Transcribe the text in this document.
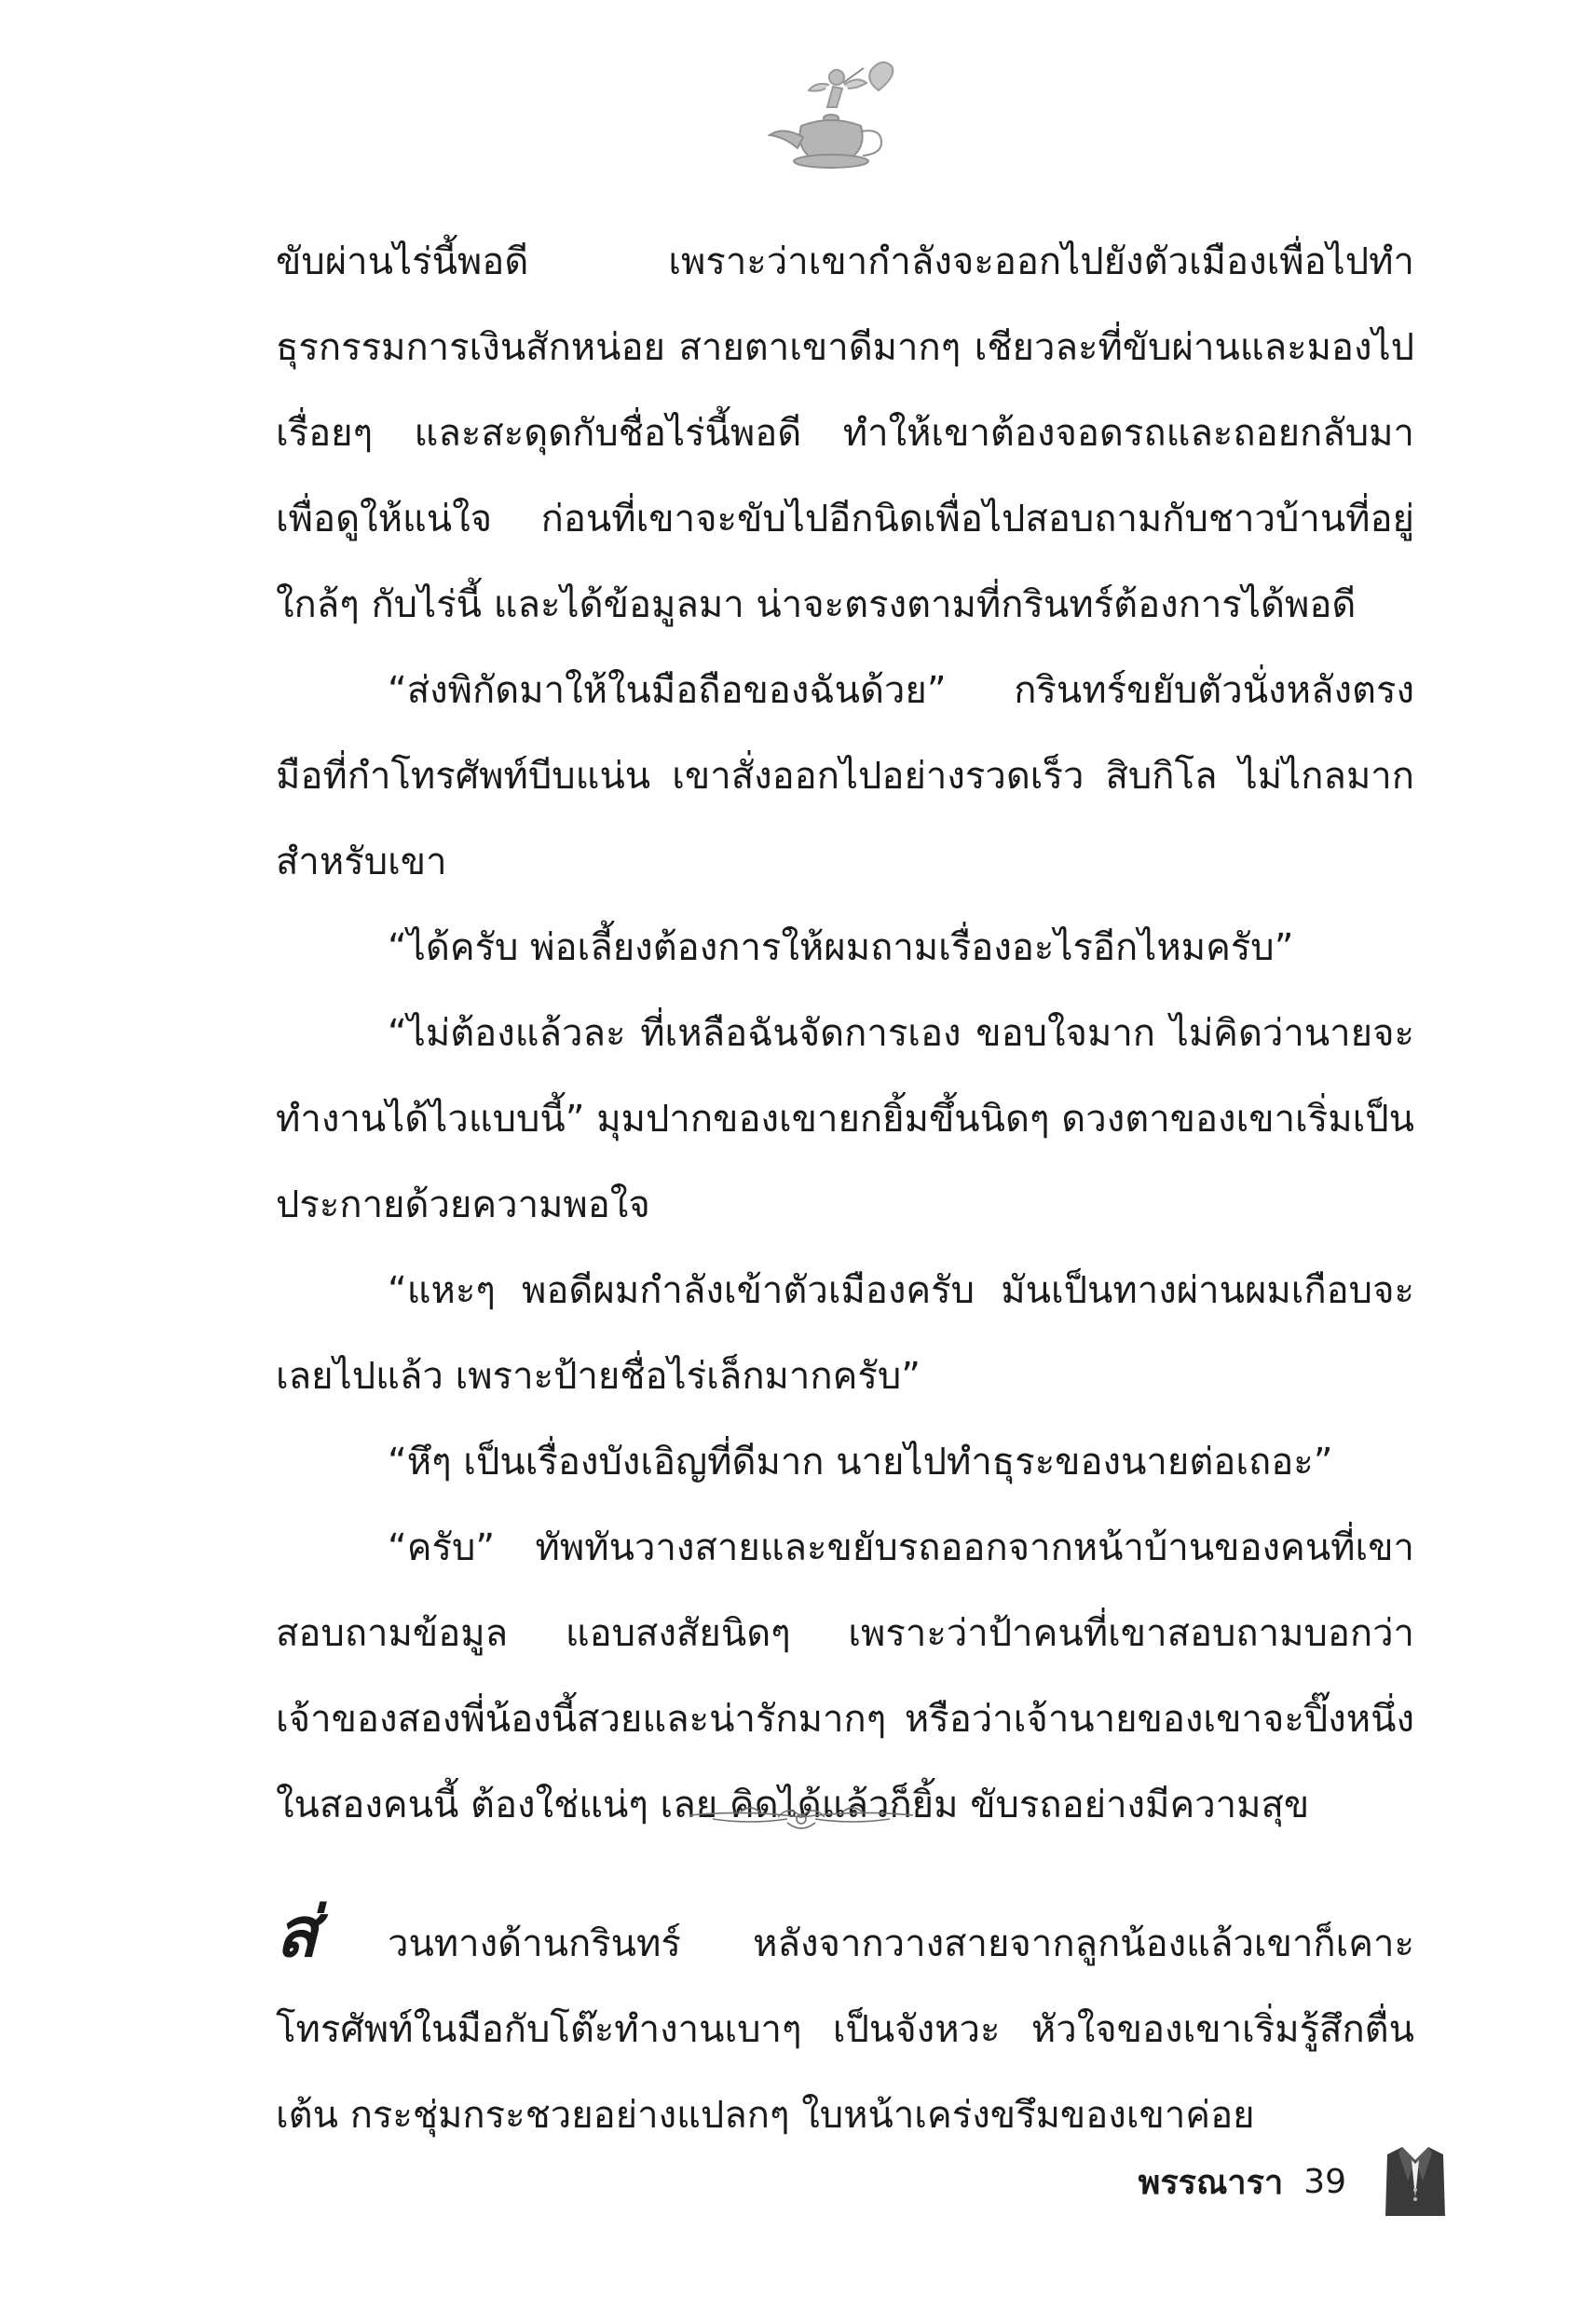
ขับผ่านไร่นี้พอดี เพราะว่าเขากำลังจะออกไปยังตัวเมืองเพื่อไปทำธุรกรรมการเงินสักหน่อย สายตาเขาดีมากๆ เชียวละที่ขับผ่านและมองไปเรื่อยๆ และสะดุดกับชื่อไร่นี้พอดี ทำให้เขาต้องจอดรถและถอยกลับมาเพื่อดูให้แน่ใจ ก่อนที่เขาจะขับไปอีกนิดเพื่อไปสอบถามกับชาวบ้านที่อยู่ใกล้ๆ กับไร่นี้ และได้ข้อมูลมา น่าจะตรงตามที่กรินทร์ต้องการได้พอดี

“ส่งพิกัดมาให้ในมือถือของฉันด้วย” กรินทร์ขยับตัวนั่งหลังตรง มือที่กำโทรศัพท์บีบแน่น เขาสั่งออกไปอย่างรวดเร็ว สิบกิโล ไม่ไกลมากสำหรับเขา

“ได้ครับ พ่อเลี้ยงต้องการให้ผมถามเรื่องอะไรอีกไหมครับ”

“ไม่ต้องแล้วละ ที่เหลือฉันจัดการเอง ขอบใจมาก ไม่คิดว่านายจะทำงานได้ไวแบบนี้” มุมปากของเขายกยิ้มขึ้นนิดๆ ดวงตาของเขาเริ่มเป็นประกายด้วยความพอใจ

“แหะๆ พอดีผมกำลังเข้าตัวเมืองครับ มันเป็นทางผ่านผมเกือบจะเลยไปแล้ว เพราะป้ายชื่อไร่เล็กมากครับ”

“หึๆ เป็นเรื่องบังเอิญที่ดีมาก นายไปทำธุระของนายต่อเถอะ”

“ครับ” ทัพทันวางสายและขยับรถออกจากหน้าบ้านของคนที่เขาสอบถามข้อมูล แอบสงสัยนิดๆ เพราะว่าป้าคนที่เขาสอบถามบอกว่าเจ้าของสองพี่น้องนี้สวยและน่ารักมากๆ หรือว่าเจ้านายของเขาจะปิ๊งหนึ่งในสองคนนี้ ต้องใช่แน่ๆ เลย คิดได้แล้วก็ยิ้ม ขับรถอย่างมีความสุข

ส่ วนทางด้านกรินทร์ หลังจากวางสายจากลูกน้องแล้วเขาก็เคาะโทรศัพท์ในมือกับโต๊ะทำงานเบาๆ เป็นจังหวะ หัวใจของเขาเริ่มรู้สึกตื่นเต้น กระชุ่มกระชวยอย่างแปลกๆ ใบหน้าเคร่งขรึมของเขาค่อย

พรรณารา 39
